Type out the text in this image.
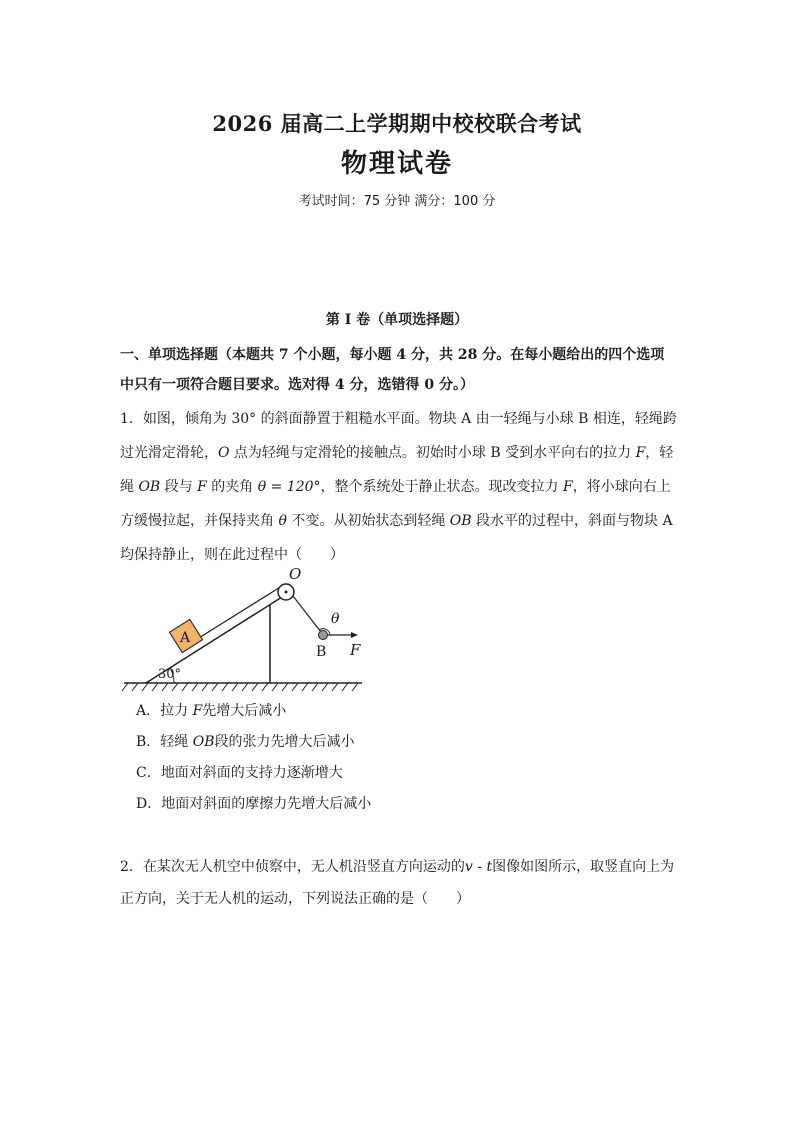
2026 届高二上学期期中校校联合考试
物理试卷
考试时间：75 分钟 满分：100 分
第 I 卷（单项选择题）
一、单项选择题（本题共 7 个小题，每小题 4 分，共 28 分。在每小题给出的四个选项
中只有一项符合题目要求。选对得 4 分，选错得 0 分。）
1．如图，倾角为 30° 的斜面静置于粗糙水平面。物块 A 由一轻绳与小球 B 相连，轻绳跨过光滑定滑轮，O 点为轻绳与定滑轮的接触点。初始时小球 B 受到水平向右的拉力 F，轻绳 OB 段与 F 的夹角 θ = 120°，整个系统处于静止状态。现改变拉力 F，将小球向右上方缓慢拉起，并保持夹角 θ 不变。从初始状态到轻绳 OB 段水平的过程中，斜面与物块 A 均保持静止，则在此过程中（　　）
A
O
B F
θ
30°
A．拉力 F先增大后减小
B．轻绳 OB段的张力先增大后减小
C．地面对斜面的支持力逐渐增大
D．地面对斜面的摩擦力先增大后减小
2．在某次无人机空中侦察中，无人机沿竖直方向运动的v - t图像如图所示，取竖直向上为正方向，关于无人机的运动，下列说法正确的是（　　）
